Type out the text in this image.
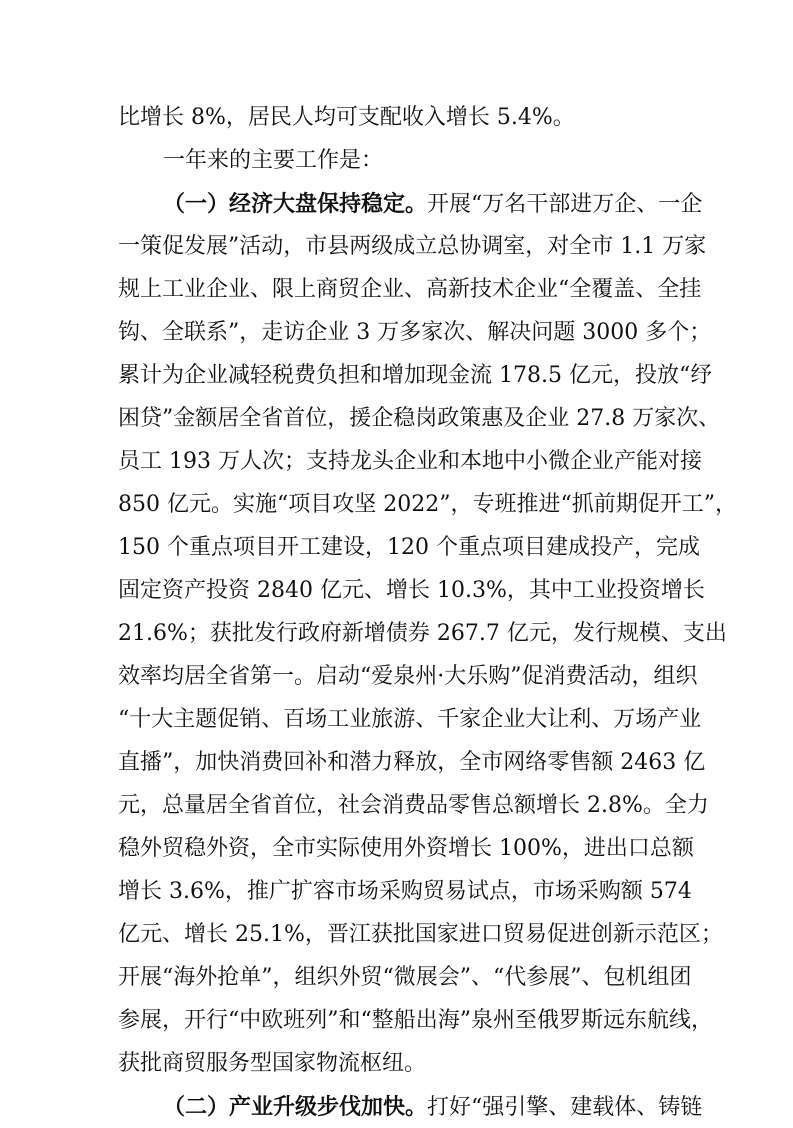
比增长 8%，居民人均可支配收入增长 5.4%。
一年来的主要工作是：
（一）经济大盘保持稳定。开展“万名干部进万企、一企
一策促发展”活动，市县两级成立总协调室，对全市 1.1 万家
规上工业企业、限上商贸企业、高新技术企业“全覆盖、全挂
钩、全联系”，走访企业 3 万多家次、解决问题 3000 多个；
累计为企业减轻税费负担和增加现金流 178.5 亿元，投放“纾
困贷”金额居全省首位，援企稳岗政策惠及企业 27.8 万家次、
员工 193 万人次；支持龙头企业和本地中小微企业产能对接
850 亿元。实施“项目攻坚 2022”，专班推进“抓前期促开工”，
150 个重点项目开工建设，120 个重点项目建成投产，完成
固定资产投资 2840 亿元、增长 10.3%，其中工业投资增长
21.6%；获批发行政府新增债券 267.7 亿元，发行规模、支出
效率均居全省第一。启动“爱泉州·大乐购”促消费活动，组织
“十大主题促销、百场工业旅游、千家企业大让利、万场产业
直播”，加快消费回补和潜力释放，全市网络零售额 2463 亿
元，总量居全省首位，社会消费品零售总额增长 2.8%。全力
稳外贸稳外资，全市实际使用外资增长 100%，进出口总额
增长 3.6%，推广扩容市场采购贸易试点，市场采购额 574
亿元、增长 25.1%，晋江获批国家进口贸易促进创新示范区；
开展“海外抢单”，组织外贸“微展会”、“代参展”、包机组团
参展，开行“中欧班列”和“整船出海”泉州至俄罗斯远东航线，
获批商贸服务型国家物流枢纽。
（二）产业升级步伐加快。打好“强引擎、建载体、铸链
